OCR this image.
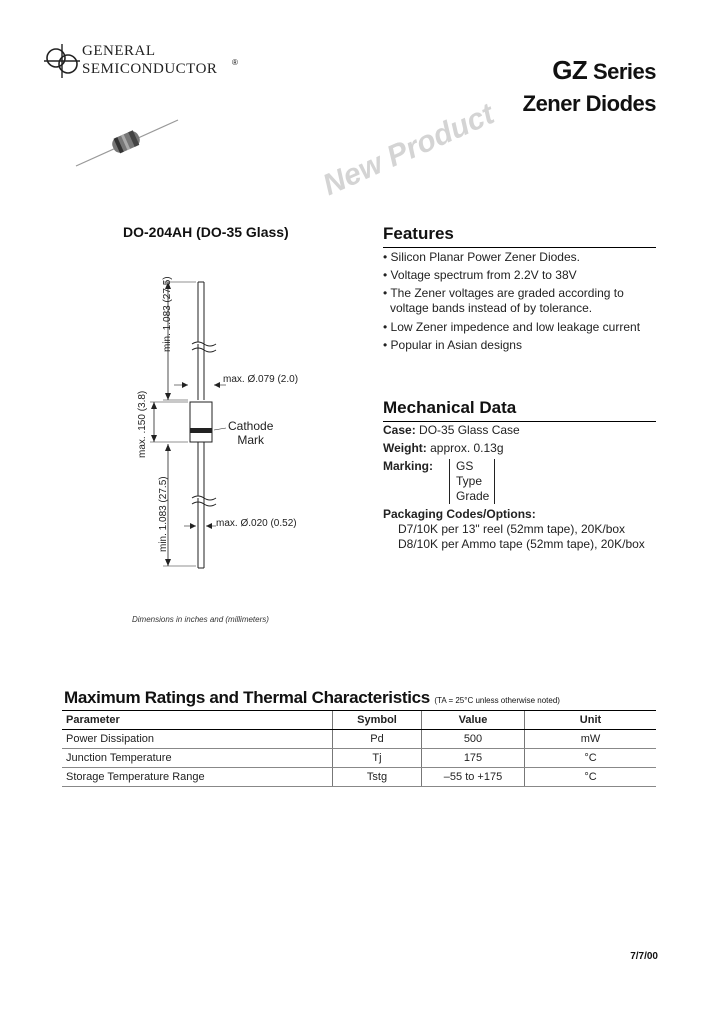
GENERAL
SEMICONDUCTOR ®	GZ Series
Zener Diodes
New Product
DO-204AH (DO-35 Glass)
min. 1.083 (27.5)
max. .150 (3.8)
min. 1.083 (27.5)
max. Ø.079 (2.0)
max. Ø.020 (0.52)
Cathode
Mark
Dimensions in inches and (millimeters)
Features
• Silicon Planar Power Zener Diodes.
• Voltage spectrum from 2.2V to 38V
• The Zener voltages are graded according to
voltage bands instead of by tolerance.
• Low Zener impedence and low leakage current
• Popular in Asian designs
Mechanical Data
Case: DO-35 Glass Case
Weight: approx. 0.13g
Marking: GS
Type
Grade
Packaging Codes/Options:
D7/10K per 13" reel (52mm tape), 20K/box
D8/10K per Ammo tape (52mm tape), 20K/box
Maximum Ratings and Thermal Characteristics (TA = 25°C unless otherwise noted)
Parameter	Symbol	Value	Unit
Power Dissipation	Pd	500	mW
Junction Temperature	Tj	175	°C
Storage Temperature Range	Tstg	–55 to +175	°C
7/7/00
